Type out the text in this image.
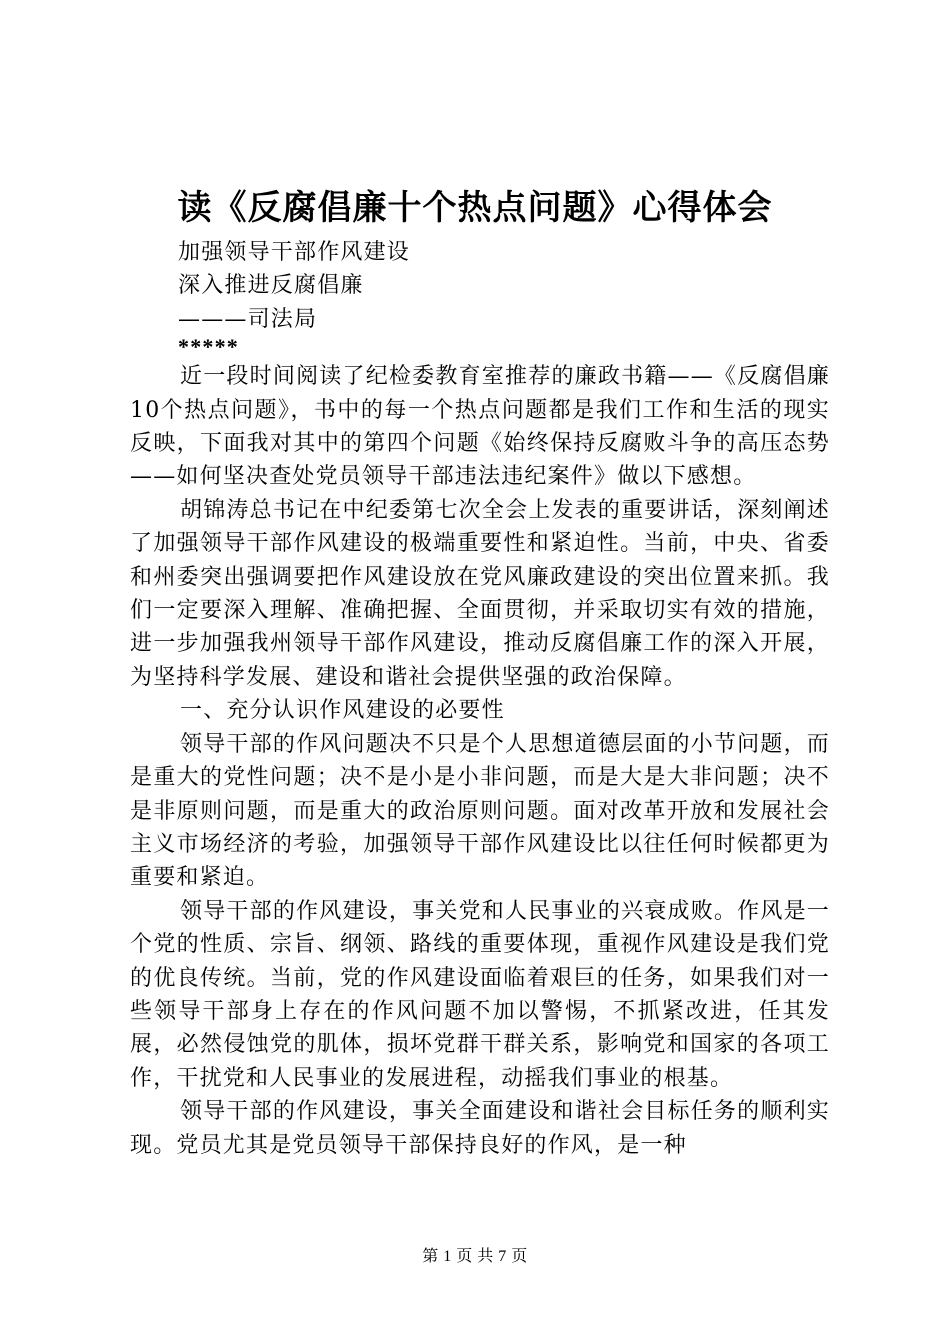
读《反腐倡廉十个热点问题》心得体会
加强领导干部作风建设
深入推进反腐倡廉
———司法局
*****

近一段时间阅读了纪检委教育室推荐的廉政书籍——《反腐倡廉10个热点问题》，书中的每一个热点问题都是我们工作和生活的现实反映，下面我对其中的第四个问题《始终保持反腐败斗争的高压态势——如何坚决查处党员领导干部违法违纪案件》做以下感想。

胡锦涛总书记在中纪委第七次全会上发表的重要讲话，深刻阐述了加强领导干部作风建设的极端重要性和紧迫性。当前，中央、省委和州委突出强调要把作风建设放在党风廉政建设的突出位置来抓。我们一定要深入理解、准确把握、全面贯彻，并采取切实有效的措施，进一步加强我州领导干部作风建设，推动反腐倡廉工作的深入开展，为坚持科学发展、建设和谐社会提供坚强的政治保障。

一、充分认识作风建设的必要性

领导干部的作风问题决不只是个人思想道德层面的小节问题，而是重大的党性问题；决不是小是小非问题，而是大是大非问题；决不是非原则问题，而是重大的政治原则问题。面对改革开放和发展社会主义市场经济的考验，加强领导干部作风建设比以往任何时候都更为重要和紧迫。

领导干部的作风建设，事关党和人民事业的兴衰成败。作风是一个党的性质、宗旨、纲领、路线的重要体现，重视作风建设是我们党的优良传统。当前，党的作风建设面临着艰巨的任务，如果我们对一些领导干部身上存在的作风问题不加以警惕，不抓紧改进，任其发展，必然侵蚀党的肌体，损坏党群干群关系，影响党和国家的各项工作，干扰党和人民事业的发展进程，动摇我们事业的根基。

领导干部的作风建设，事关全面建设和谐社会目标任务的顺利实现。党员尤其是党员领导干部保持良好的作风，是一种

第 1 页 共 7 页
